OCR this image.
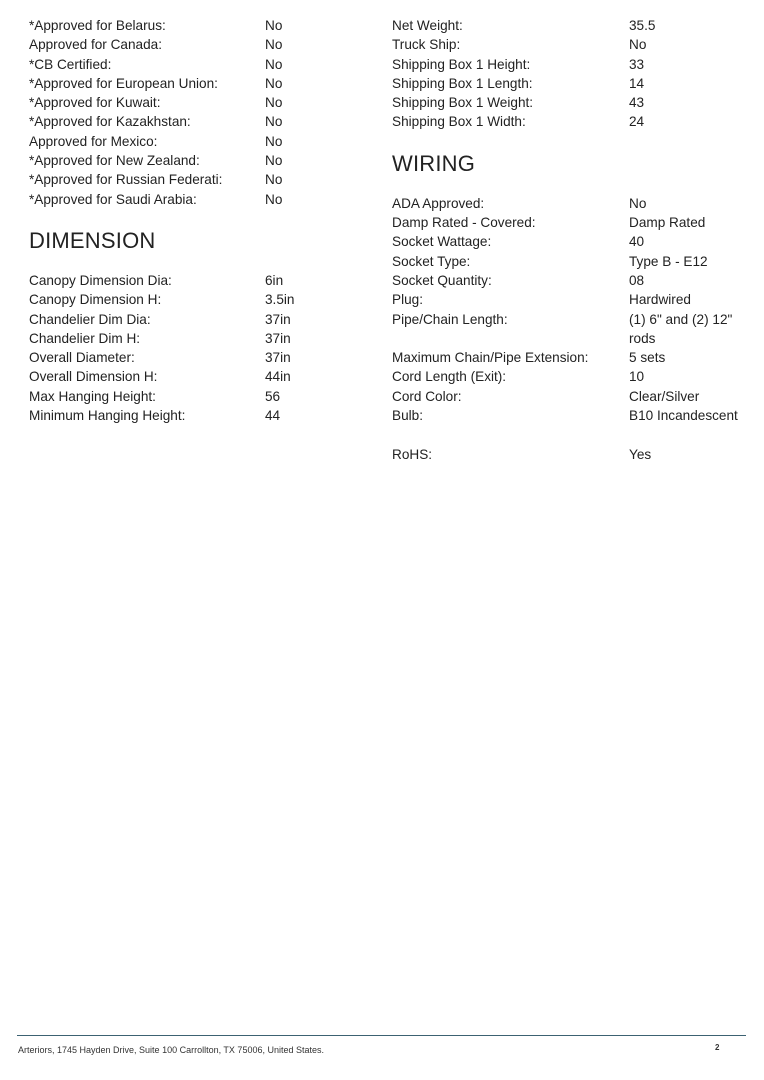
*Approved for Belarus:	No
Approved for Canada:	No
*CB Certified:	No
*Approved for European Union:	No
*Approved for Kuwait:	No
*Approved for Kazakhstan:	No
Approved for Mexico:	No
*Approved for New Zealand:	No
*Approved for Russian Federati:	No
*Approved for Saudi Arabia:	No
DIMENSION
Canopy Dimension Dia:	6in
Canopy Dimension H:	3.5in
Chandelier Dim Dia:	37in
Chandelier Dim H:	37in
Overall Diameter:	37in
Overall Dimension H:	44in
Max Hanging Height:	56
Minimum Hanging Height:	44
Net Weight:	35.5
Truck Ship:	No
Shipping Box 1 Height:	33
Shipping Box 1 Length:	14
Shipping Box 1 Weight:	43
Shipping Box 1 Width:	24
WIRING
ADA Approved:	No
Damp Rated - Covered:	Damp Rated
Socket Wattage:	40
Socket Type:	Type B - E12
Socket Quantity:	08
Plug:	Hardwired
Pipe/Chain Length:	(1) 6" and (2) 12" rods
Maximum Chain/Pipe Extension:	5 sets
Cord Length (Exit):	10
Cord Color:	Clear/Silver
Bulb:	B10 Incandescent
RoHS:	Yes
Arteriors, 1745 Hayden Drive, Suite 100 Carrollton, TX 75006, United States.	2
